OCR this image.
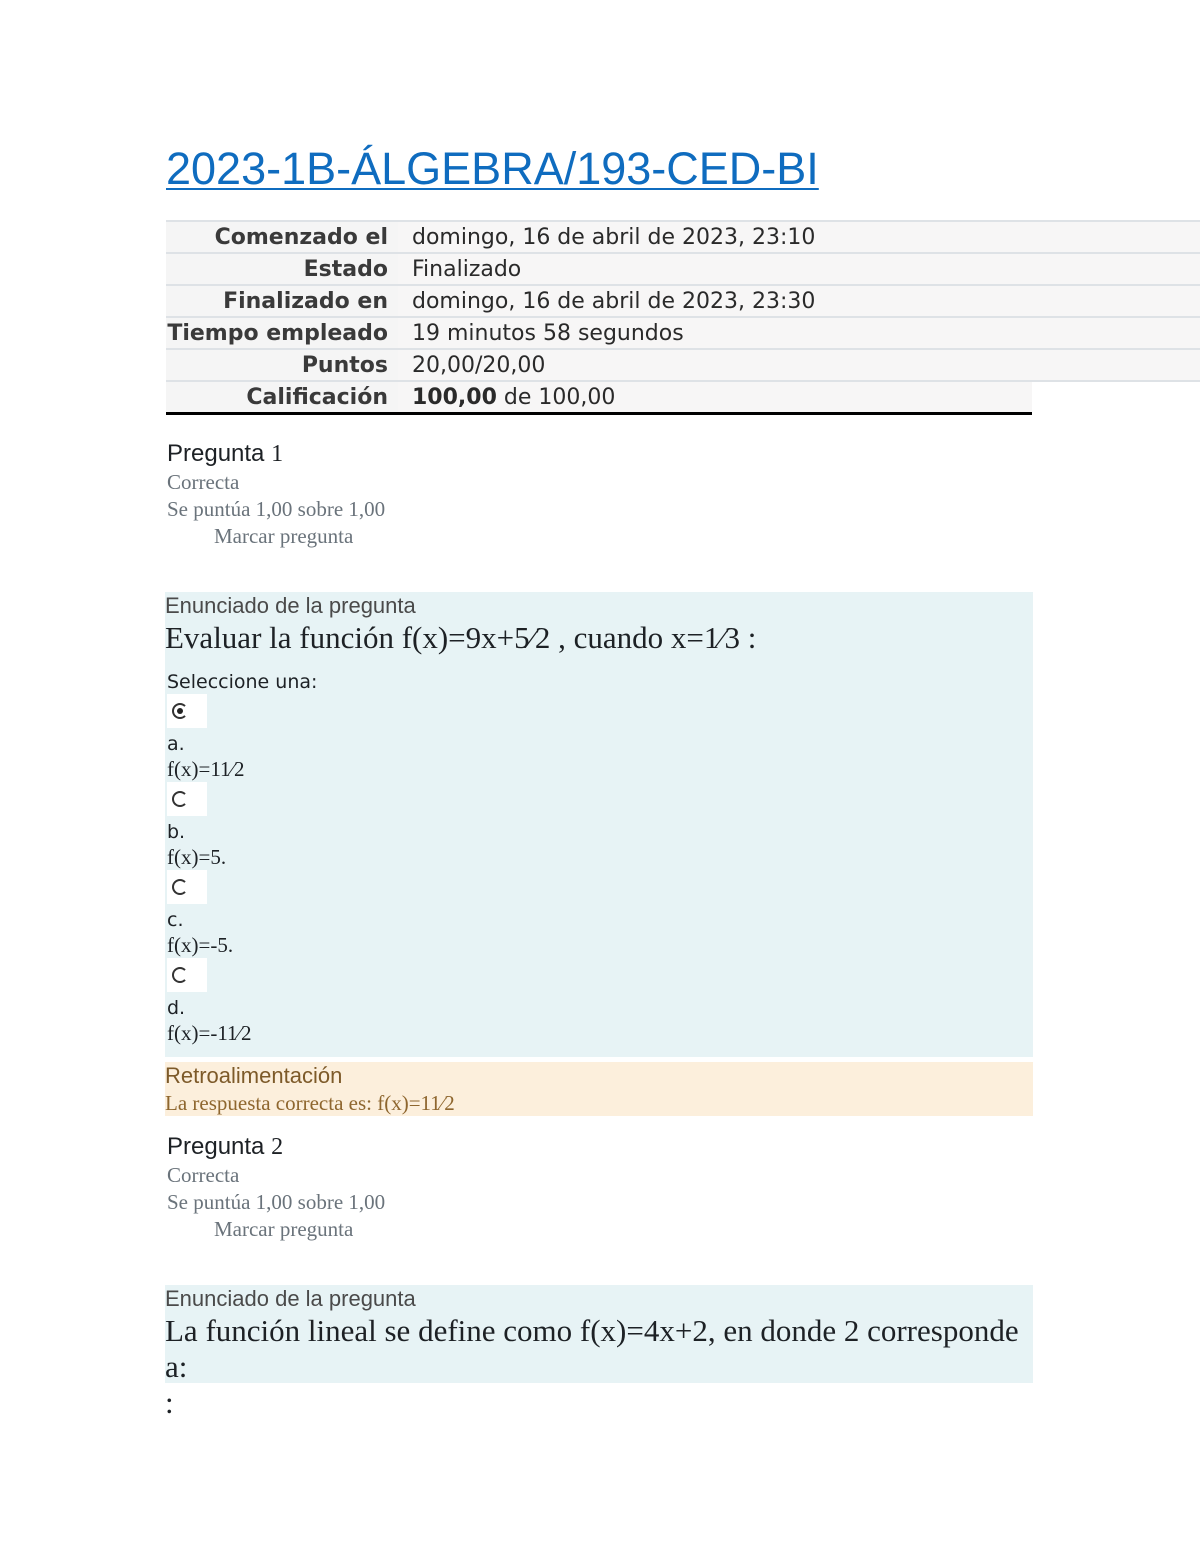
2023-1B-ÁLGEBRA/193-CED-BI
Comenzado el	domingo, 16 de abril de 2023, 23:10
Estado	Finalizado
Finalizado en	domingo, 16 de abril de 2023, 23:30
Tiempo empleado	19 minutos 58 segundos
Puntos	20,00/20,00
Calificación	100,00 de 100,00
Pregunta 1
Correcta
Se puntúa 1,00 sobre 1,00
Marcar pregunta
Enunciado de la pregunta
Evaluar la función f(x)=9x+5⁄2 , cuando x=1⁄3 :
Seleccione una:
a.
f(x)=11⁄2
b.
f(x)=5.
c.
f(x)=-5.
d.
f(x)=-11⁄2
Retroalimentación
La respuesta correcta es: f(x)=11⁄2
Pregunta 2
Correcta
Se puntúa 1,00 sobre 1,00
Marcar pregunta
Enunciado de la pregunta
La función lineal se define como f(x)=4x+2, en donde 2 corresponde a:
:
